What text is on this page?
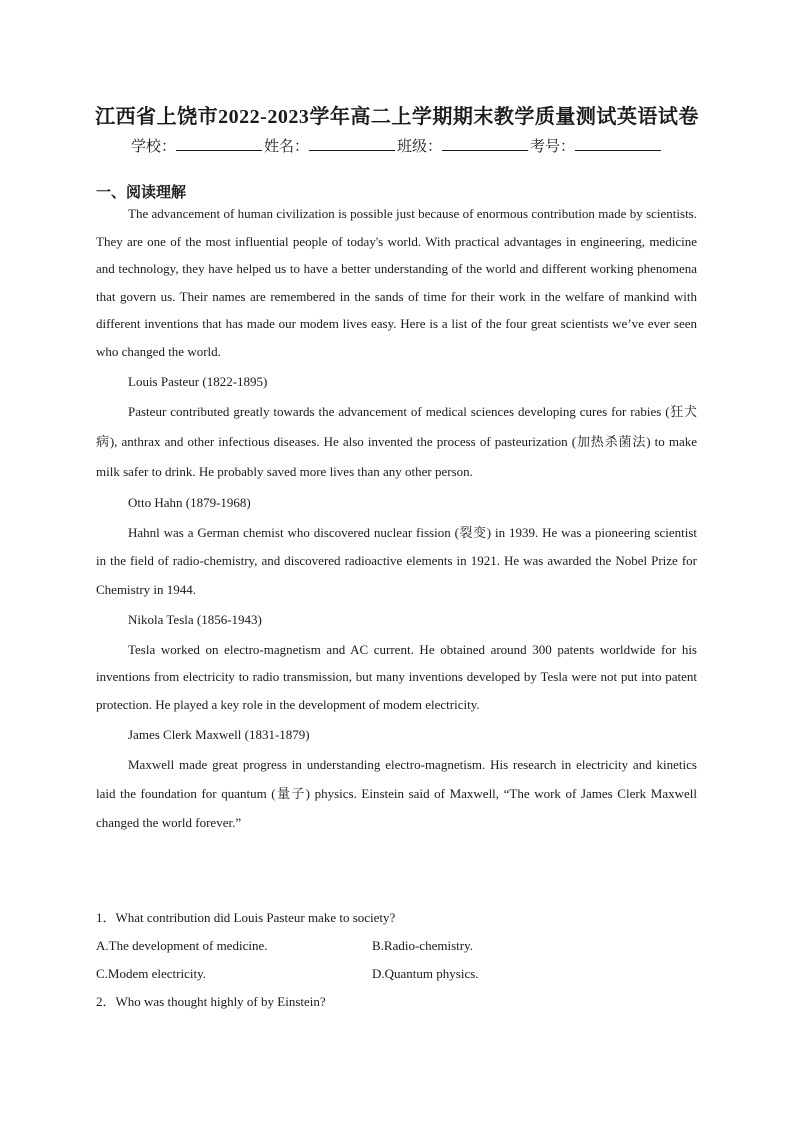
江西省上饶市2022-2023学年高二上学期期末教学质量测试英语试卷
学校：	姓名：	班级：	考号：
一、阅读理解

The advancement of human civilization is possible just because of enormous contribution made by scientists. They are one of the most influential people of today's world. With practical advantages in engineering, medicine and technology, they have helped us to have a better understanding of the world and different working phenomena that govern us. Their names are remembered in the sands of time for their work in the welfare of mankind with different inventions that has made our modem lives easy. Here is a list of the four great scientists we’ve ever seen who changed the world.

Louis Pasteur (1822-1895)

Pasteur contributed greatly towards the advancement of medical sciences developing cures for rabies (狂犬病), anthrax and other infectious diseases. He also invented the process of pasteurization (加热杀菌法) to make milk safer to drink. He probably saved more lives than any other person.

Otto Hahn (1879-1968)

Hahnl was a German chemist who discovered nuclear fission (裂变) in 1939. He was a pioneering scientist in the field of radio-chemistry, and discovered radioactive elements in 1921. He was awarded the Nobel Prize for Chemistry in 1944.

Nikola Tesla (1856-1943)

Tesla worked on electro-magnetism and AC current. He obtained around 300 patents worldwide for his inventions from electricity to radio transmission, but many inventions developed by Tesla were not put into patent protection. He played a key role in the development of modem electricity.

James Clerk Maxwell (1831-1879)

Maxwell made great progress in understanding electro-magnetism. His research in electricity and kinetics laid the foundation for quantum (量子) physics. Einstein said of Maxwell, “The work of James Clerk Maxwell changed the world forever.”

1．What contribution did Louis Pasteur make to society?

A.The development of medicine.	B.Radio-chemistry.
C.Modem electricity.	D.Quantum physics.

2．Who was thought highly of by Einstein?
